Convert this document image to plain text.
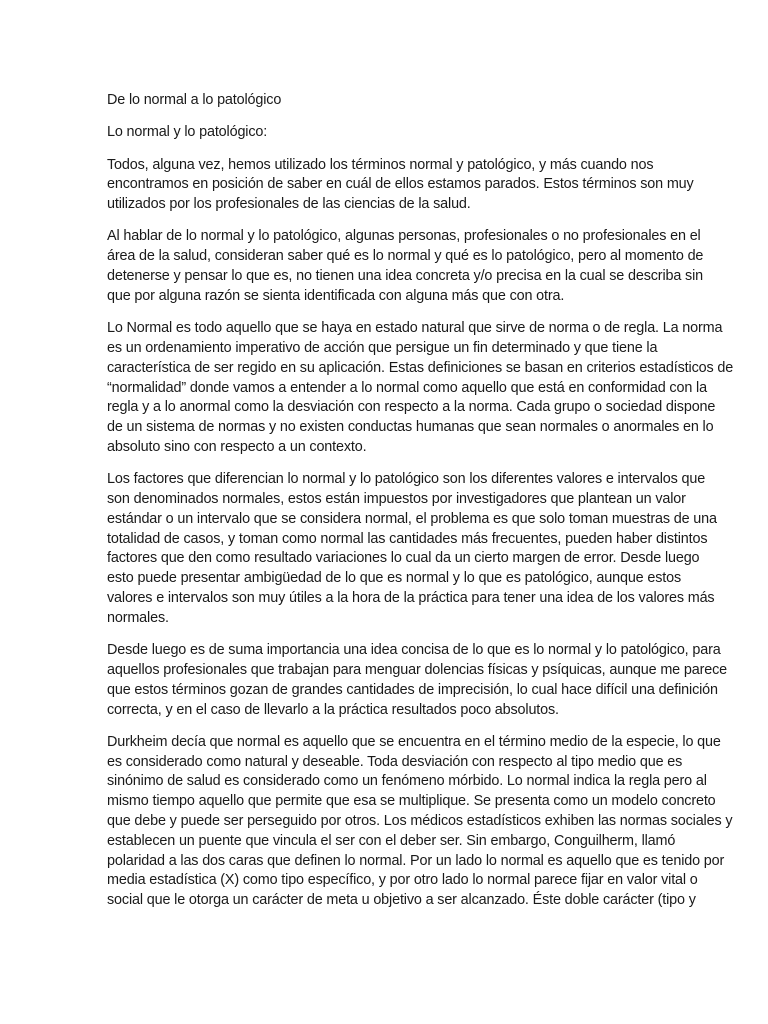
De lo normal a lo patológico

Lo normal y lo patológico:

Todos, alguna vez, hemos utilizado los términos normal y patológico, y más cuando nos
encontramos en posición de saber en cuál de ellos estamos parados. Estos términos son muy
utilizados por los profesionales de las ciencias de la salud.

Al hablar de lo normal y lo patológico, algunas personas, profesionales o no profesionales en el
área de la salud, consideran saber qué es lo normal y qué es lo patológico, pero al momento de
detenerse y pensar lo que es, no tienen una idea concreta y/o precisa en la cual se describa sin
que por alguna razón se sienta identificada con alguna más que con otra.

Lo Normal es todo aquello que se haya en estado natural que sirve de norma o de regla. La norma
es un ordenamiento imperativo de acción que persigue un fin determinado y que tiene la
característica de ser regido en su aplicación. Estas definiciones se basan en criterios estadísticos de
“normalidad” donde vamos a entender a lo normal como aquello que está en conformidad con la
regla y a lo anormal como la desviación con respecto a la norma. Cada grupo o sociedad dispone
de un sistema de normas y no existen conductas humanas que sean normales o anormales en lo
absoluto sino con respecto a un contexto.

Los factores que diferencian lo normal y lo patológico son los diferentes valores e intervalos que
son denominados normales, estos están impuestos por investigadores que plantean un valor
estándar o un intervalo que se considera normal, el problema es que solo toman muestras de una
totalidad de casos, y toman como normal las cantidades más frecuentes, pueden haber distintos
factores que den como resultado variaciones lo cual da un cierto margen de error. Desde luego
esto puede presentar ambigüedad de lo que es normal y lo que es patológico, aunque estos
valores e intervalos son muy útiles a la hora de la práctica para tener una idea de los valores más
normales.

Desde luego es de suma importancia una idea concisa de lo que es lo normal y lo patológico, para
aquellos profesionales que trabajan para menguar dolencias físicas y psíquicas, aunque me parece
que estos términos gozan de grandes cantidades de imprecisión, lo cual hace difícil una definición
correcta, y en el caso de llevarlo a la práctica resultados poco absolutos.

Durkheim decía que normal es aquello que se encuentra en el término medio de la especie, lo que
es considerado como natural y deseable. Toda desviación con respecto al tipo medio que es
sinónimo de salud es considerado como un fenómeno mórbido. Lo normal indica la regla pero al
mismo tiempo aquello que permite que esa se multiplique. Se presenta como un modelo concreto
que debe y puede ser perseguido por otros. Los médicos estadísticos exhiben las normas sociales y
establecen un puente que vincula el ser con el deber ser. Sin embargo, Conguilherm, llamó
polaridad a las dos caras que definen lo normal. Por un lado lo normal es aquello que es tenido por
media estadística (X) como tipo específico, y por otro lado lo normal parece fijar en valor vital o
social que le otorga un carácter de meta u objetivo a ser alcanzado. Éste doble carácter (tipo y
